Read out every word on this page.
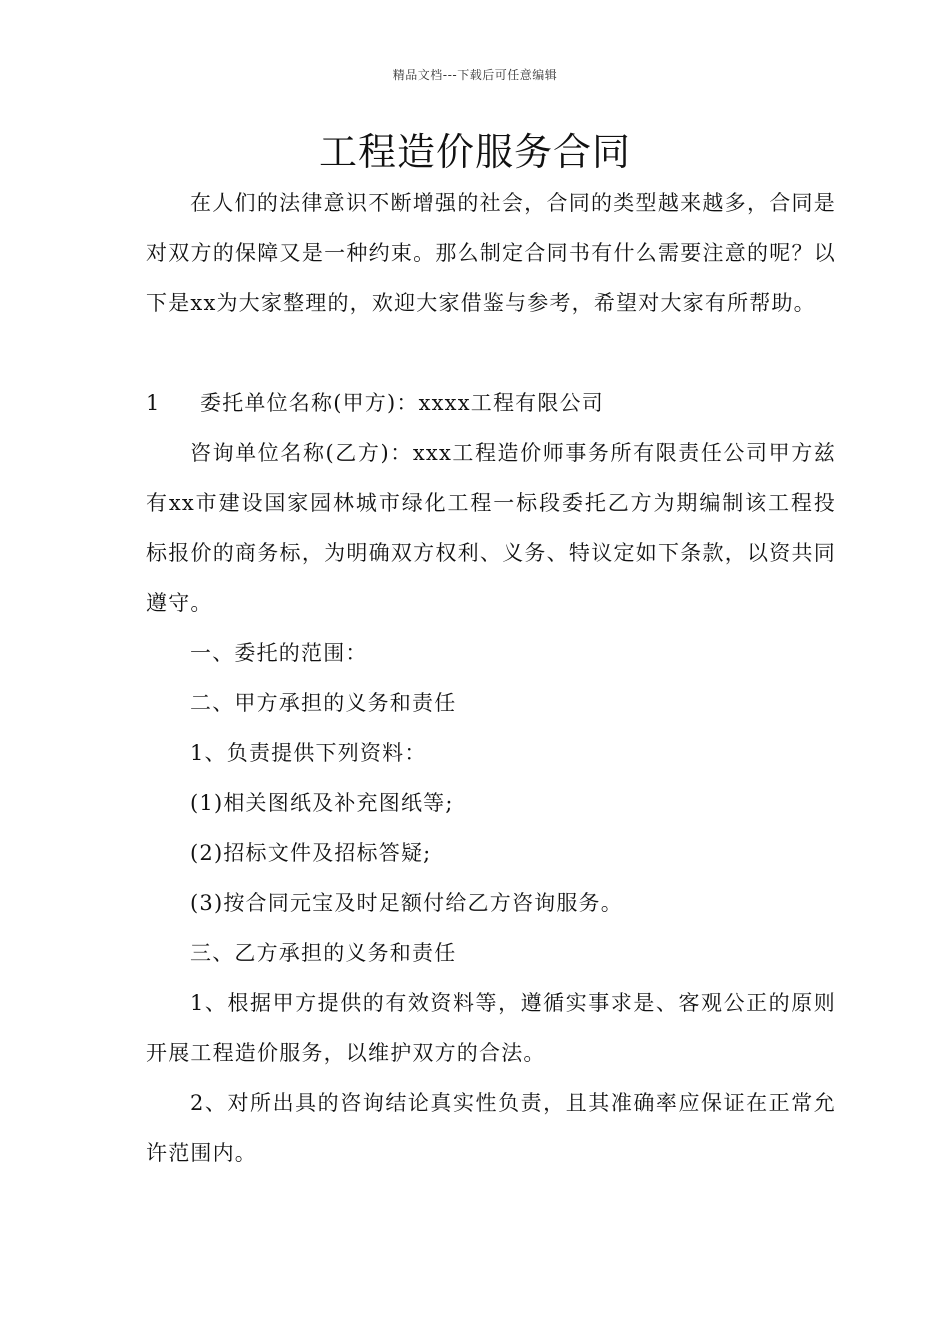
精品文档---下载后可任意编辑
工程造价服务合同

在人们的法律意识不断增强的社会，合同的类型越来越多，合同是对双方的保障又是一种约束。那么制定合同书有什么需要注意的呢？以下是xx为大家整理的，欢迎大家借鉴与参考，希望对大家有所帮助。

1 委托单位名称(甲方)：xxxx工程有限公司

咨询单位名称(乙方)：xxx工程造价师事务所有限责任公司甲方兹有xx市建设国家园林城市绿化工程一标段委托乙方为期编制该工程投标报价的商务标，为明确双方权利、义务、特议定如下条款，以资共同遵守。

一、委托的范围：

二、甲方承担的义务和责任

1、负责提供下列资料：

(1)相关图纸及补充图纸等;

(2)招标文件及招标答疑;

(3)按合同元宝及时足额付给乙方咨询服务。

三、乙方承担的义务和责任

1、根据甲方提供的有效资料等，遵循实事求是、客观公正的原则开展工程造价服务，以维护双方的合法。

2、对所出具的咨询结论真实性负责，且其准确率应保证在正常允许范围内。
